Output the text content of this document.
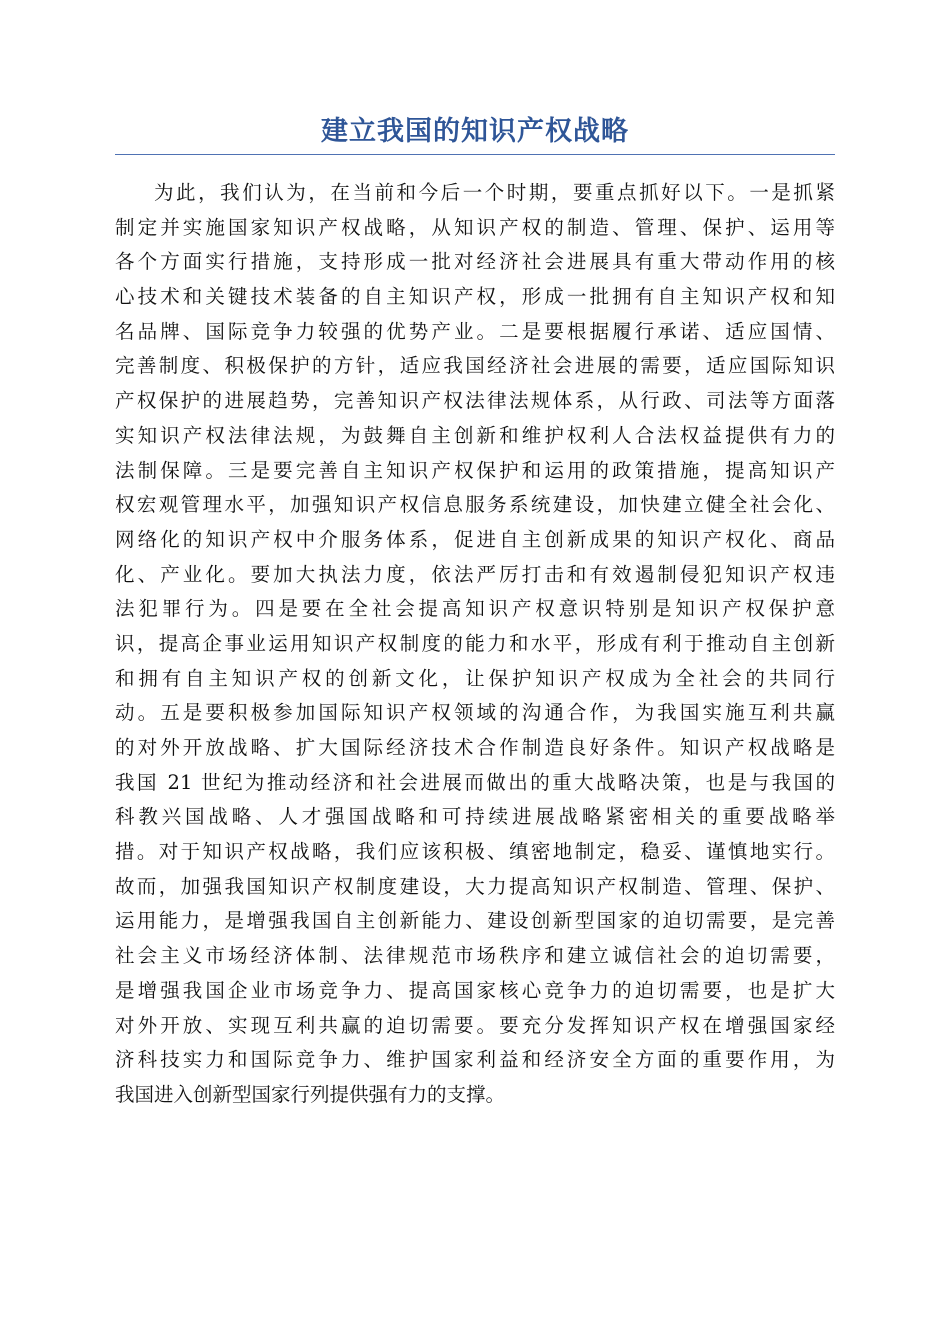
建立我国的知识产权战略
为此，我们认为，在当前和今后一个时期，要重点抓好以下。一是抓紧
制定并实施国家知识产权战略，从知识产权的制造、管理、保护、运用等
各个方面实行措施，支持形成一批对经济社会进展具有重大带动作用的核
心技术和关键技术装备的自主知识产权，形成一批拥有自主知识产权和知
名品牌、国际竞争力较强的优势产业。二是要根据履行承诺、适应国情、
完善制度、积极保护的方针，适应我国经济社会进展的需要，适应国际知识
产权保护的进展趋势，完善知识产权法律法规体系，从行政、司法等方面落
实知识产权法律法规，为鼓舞自主创新和维护权利人合法权益提供有力的
法制保障。三是要完善自主知识产权保护和运用的政策措施，提高知识产
权宏观管理水平，加强知识产权信息服务系统建设，加快建立健全社会化、
网络化的知识产权中介服务体系，促进自主创新成果的知识产权化、商品
化、产业化。要加大执法力度，依法严厉打击和有效遏制侵犯知识产权违
法犯罪行为。四是要在全社会提高知识产权意识特别是知识产权保护意
识，提高企事业运用知识产权制度的能力和水平，形成有利于推动自主创新
和拥有自主知识产权的创新文化，让保护知识产权成为全社会的共同行
动。五是要积极参加国际知识产权领域的沟通合作，为我国实施互利共赢
的对外开放战略、扩大国际经济技术合作制造良好条件。知识产权战略是
我国 21 世纪为推动经济和社会进展而做出的重大战略决策，也是与我国的
科教兴国战略、人才强国战略和可持续进展战略紧密相关的重要战略举
措。对于知识产权战略，我们应该积极、缜密地制定，稳妥、谨慎地实行。
故而，加强我国知识产权制度建设，大力提高知识产权制造、管理、保护、
运用能力，是增强我国自主创新能力、建设创新型国家的迫切需要，是完善
社会主义市场经济体制、法律规范市场秩序和建立诚信社会的迫切需要，
是增强我国企业市场竞争力、提高国家核心竞争力的迫切需要，也是扩大
对外开放、实现互利共赢的迫切需要。要充分发挥知识产权在增强国家经
济科技实力和国际竞争力、维护国家利益和经济安全方面的重要作用，为
我国进入创新型国家行列提供强有力的支撑。
